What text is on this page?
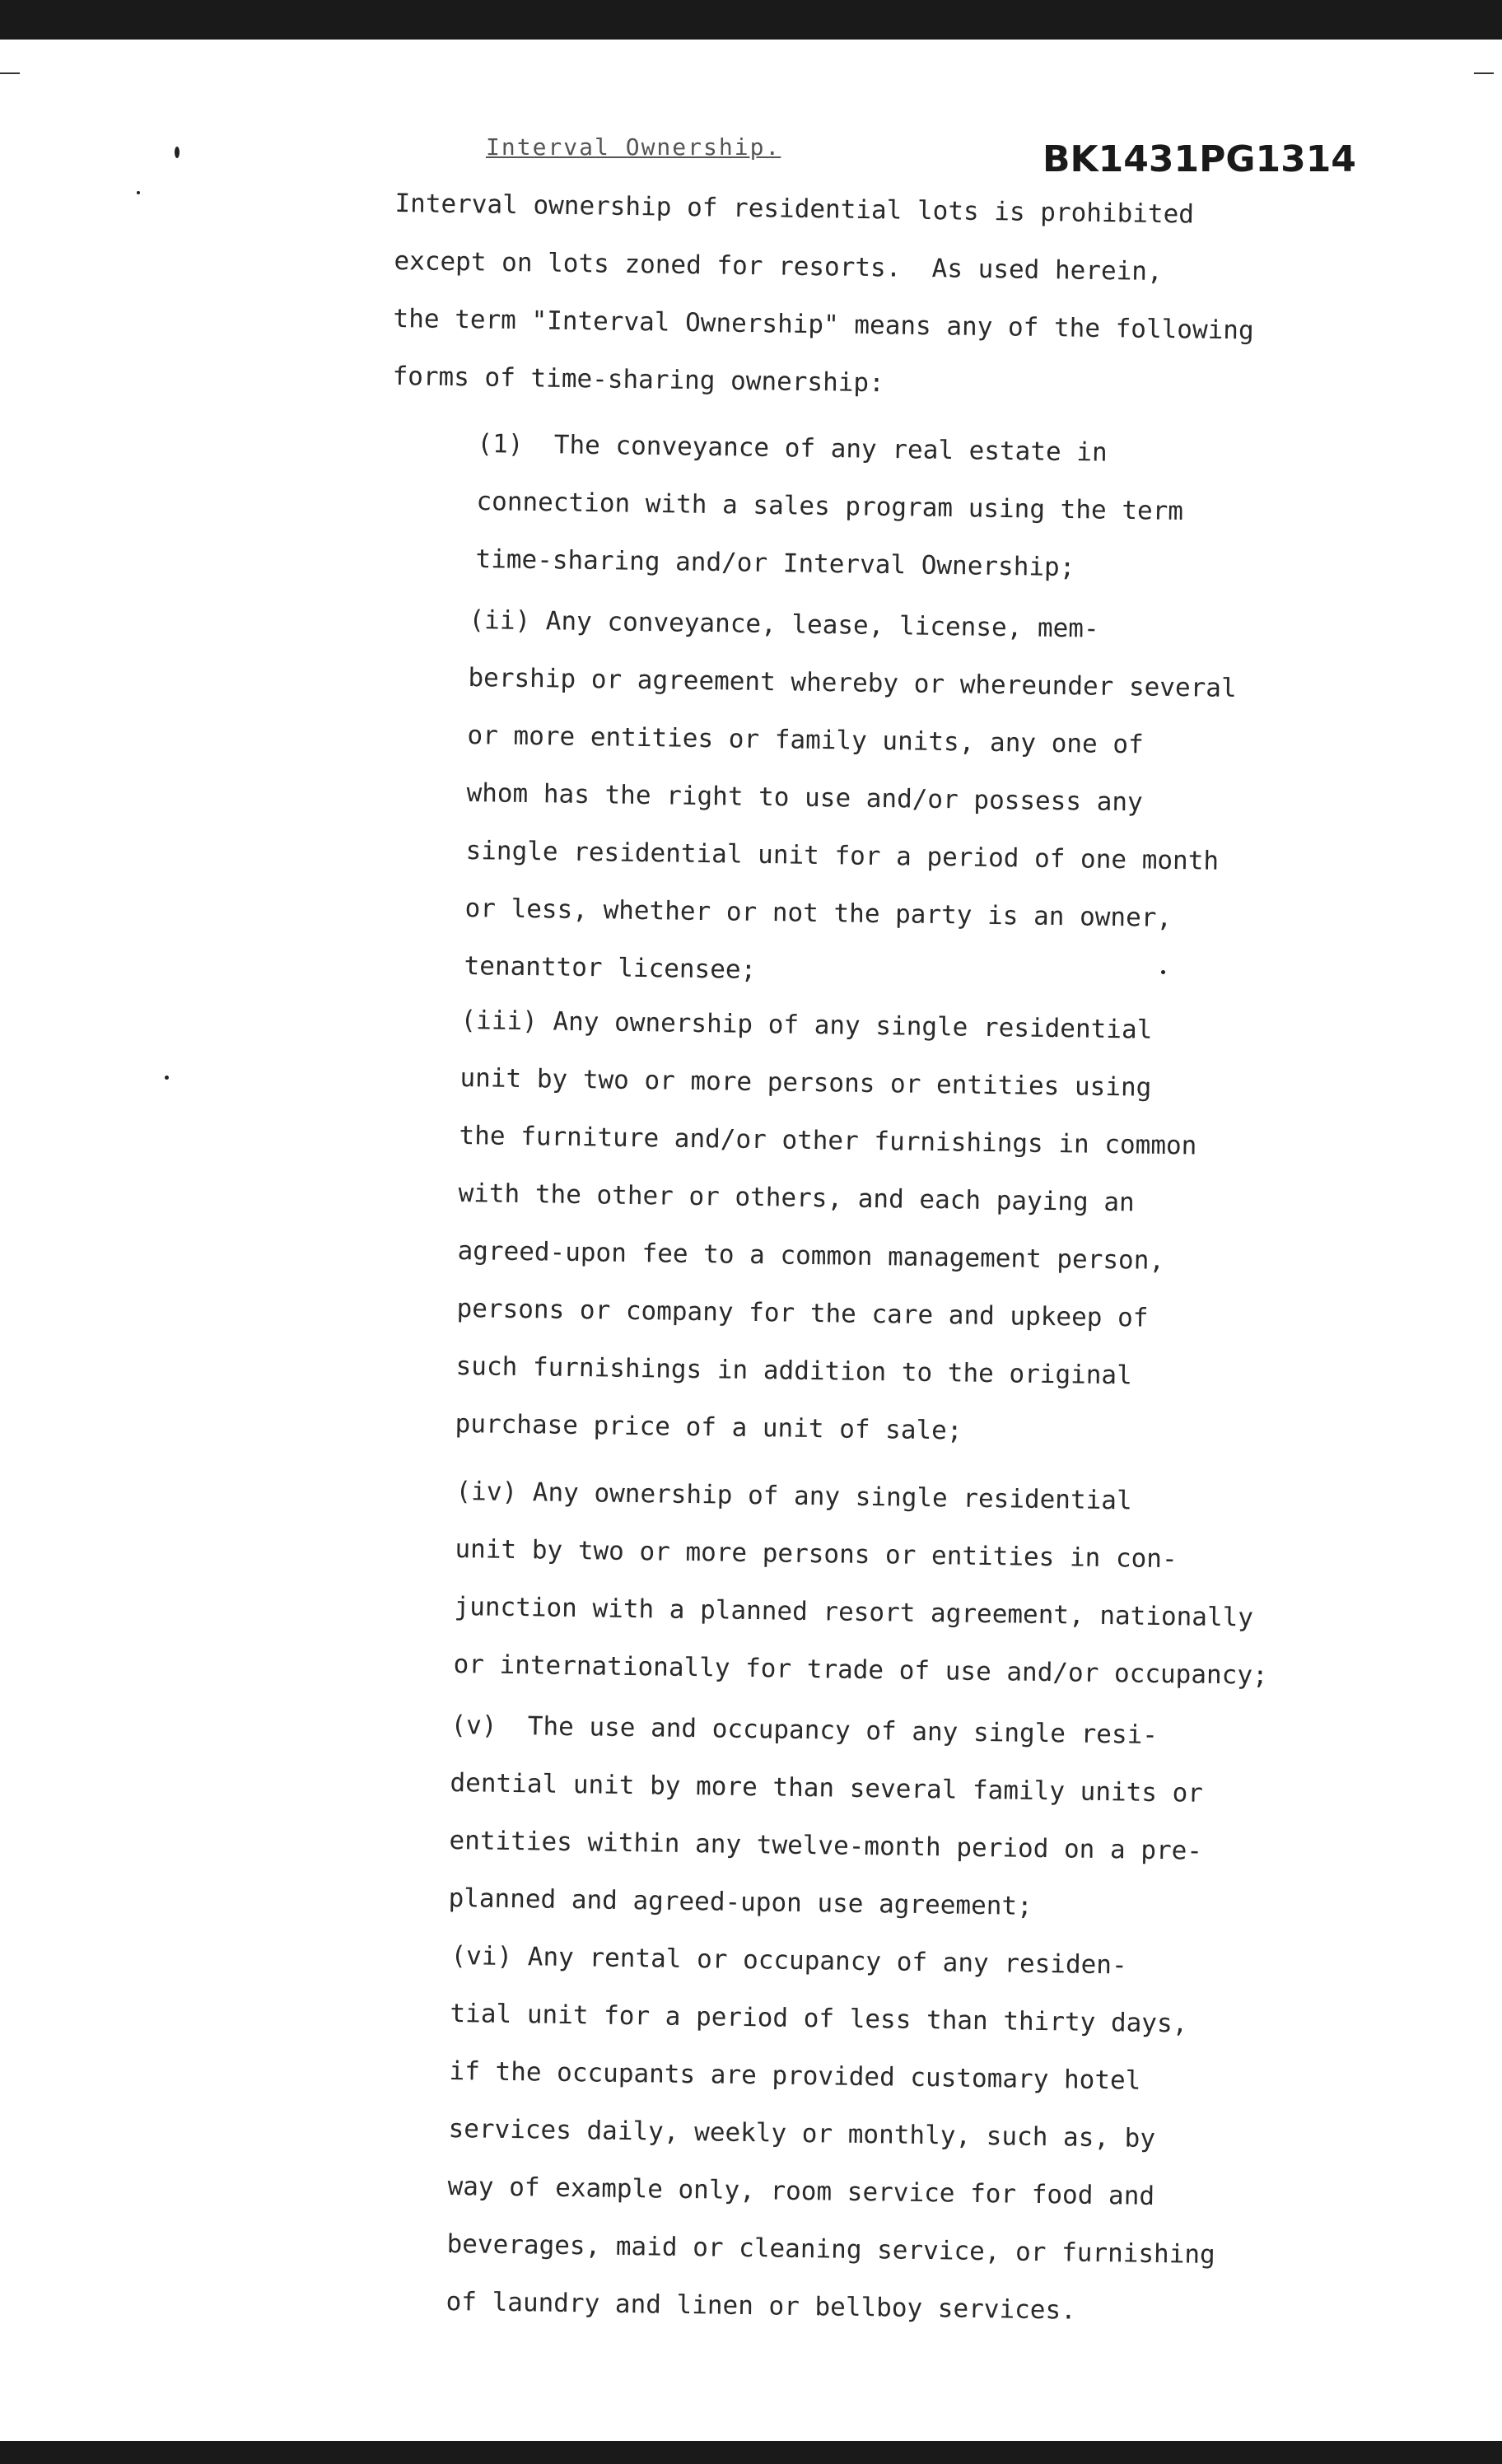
Interval Ownership.	BK1431PG1314
Interval ownership of residential lots is prohibited
except on lots zoned for resorts.  As used herein,
the term "Interval Ownership" means any of the following
forms of time-sharing ownership:
(1)  The conveyance of any real estate in
connection with a sales program using the term
time-sharing and/or Interval Ownership;
(ii) Any conveyance, lease, license, mem-
bership or agreement whereby or whereunder several
or more entities or family units, any one of
whom has the right to use and/or possess any
single residential unit for a period of one month
or less, whether or not the party is an owner,
tenanttor licensee;
(iii) Any ownership of any single residential
unit by two or more persons or entities using
the furniture and/or other furnishings in common
with the other or others, and each paying an
agreed-upon fee to a common management person,
persons or company for the care and upkeep of
such furnishings in addition to the original
purchase price of a unit of sale;
(iv) Any ownership of any single residential
unit by two or more persons or entities in con-
junction with a planned resort agreement, nationally
or internationally for trade of use and/or occupancy;
(v)  The use and occupancy of any single resi-
dential unit by more than several family units or
entities within any twelve-month period on a pre-
planned and agreed-upon use agreement;
(vi) Any rental or occupancy of any residen-
tial unit for a period of less than thirty days,
if the occupants are provided customary hotel
services daily, weekly or monthly, such as, by
way of example only, room service for food and
beverages, maid or cleaning service, or furnishing
of laundry and linen or bellboy services.
